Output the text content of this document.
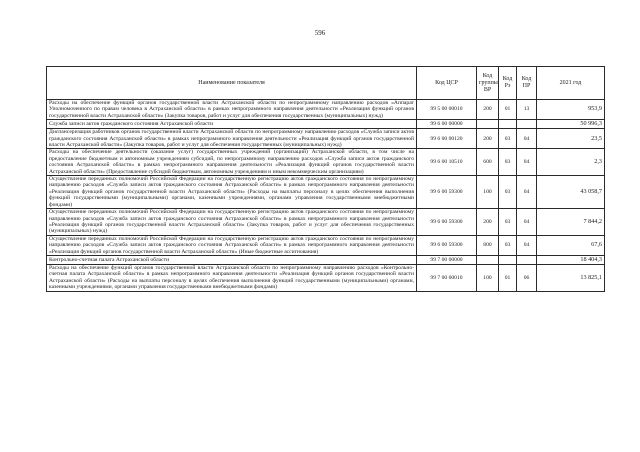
596
Наименование показателя	Код ЦСР	Код группы ВР	Код Рз	Код ПР	2021 год
Расходы на обеспечение функций органов государственной власти Астраханской области по непрограммному направлению расходов «Аппарат Уполномоченного по правам человека в Астраханской области» в рамках непрограммного направления деятельности «Реализация функций органов государственной власти Астраханской области» (Закупка товаров, работ и услуг для обеспечения государственных (муниципальных) нужд)	99 5 00 00010	200	01	13	953,9
Служба записи актов гражданского состояния Астраханской области	99 6 00 00000				50 996,3
Диспансеризация работников органов государственной власти Астраханской области по непрограммному направлению расходов «Служба записи актов гражданского состояния Астраханской области» в рамках непрограммного направления деятельности «Реализация функций органов государственной власти Астраханской области» (Закупка товаров, работ и услуг для обеспечения государственных (муниципальных) нужд)	99 6 00 00120	200	03	04	23,5
Расходы на обеспечение деятельности (оказание услуг) государственных учреждений (организаций) Астраханской области, в том числе на предоставление бюджетным и автономным учреждениям субсидий, по непрограммному направлению расходов «Служба записи актов гражданского состояния Астраханской области» в рамках непрограммного направления деятельности «Реализация функций органов государственной власти Астраханской области» (Предоставление субсидий бюджетным, автономным учреждениям и иным некоммерческим организациям)	99 6 00 10510	600	03	04	2,3
Осуществление переданных полномочий Российской Федерации на государственную регистрацию актов гражданского состояния по непрограммному направлению расходов «Служба записи актов гражданского состояния Астраханской области» в рамках непрограммного направления деятельности «Реализация функций органов государственной власти Астраханской области» (Расходы на выплаты персоналу в целях обеспечения выполнения функций государственными (муниципальными) органами, казенными учреждениями, органами управления государственными внебюджетными фондами)	99 6 00 59300	100	03	04	43 058,7
Осуществление переданных полномочий Российской Федерации на государственную регистрацию актов гражданского состояния по непрограммному направлению расходов «Служба записи актов гражданского состояния Астраханской области» в рамках непрограммного направления деятельности «Реализация функций органов государственной власти Астраханской области» (Закупка товаров, работ и услуг для обеспечения государственных (муниципальных) нужд)	99 6 00 59300	200	03	04	7 844,2
Осуществление переданных полномочий Российской Федерации на государственную регистрацию актов гражданского состояния по непрограммному направлению расходов «Служба записи актов гражданского состояния Астраханской области» в рамках непрограммного направления деятельности «Реализация функций органов государственной власти Астраханской области» (Иные бюджетные ассигнования)	99 6 00 59300	800	03	04	67,6
Контрольно-счетная палата Астраханской области	99 7 00 00000				18 404,3
Расходы на обеспечение функций органов государственной власти Астраханской области по непрограммному направлению расходов «Контрольно-счетная палата Астраханской области» в рамках непрограммного направления деятельности «Реализация функций органов государственной власти Астраханской области» (Расходы на выплаты персоналу в целях обеспечения выполнения функций государственными (муниципальными) органами, казенными учреждениями, органами управления государственными внебюджетными фондами)	99 7 00 00010	100	01	06	13 825,1
